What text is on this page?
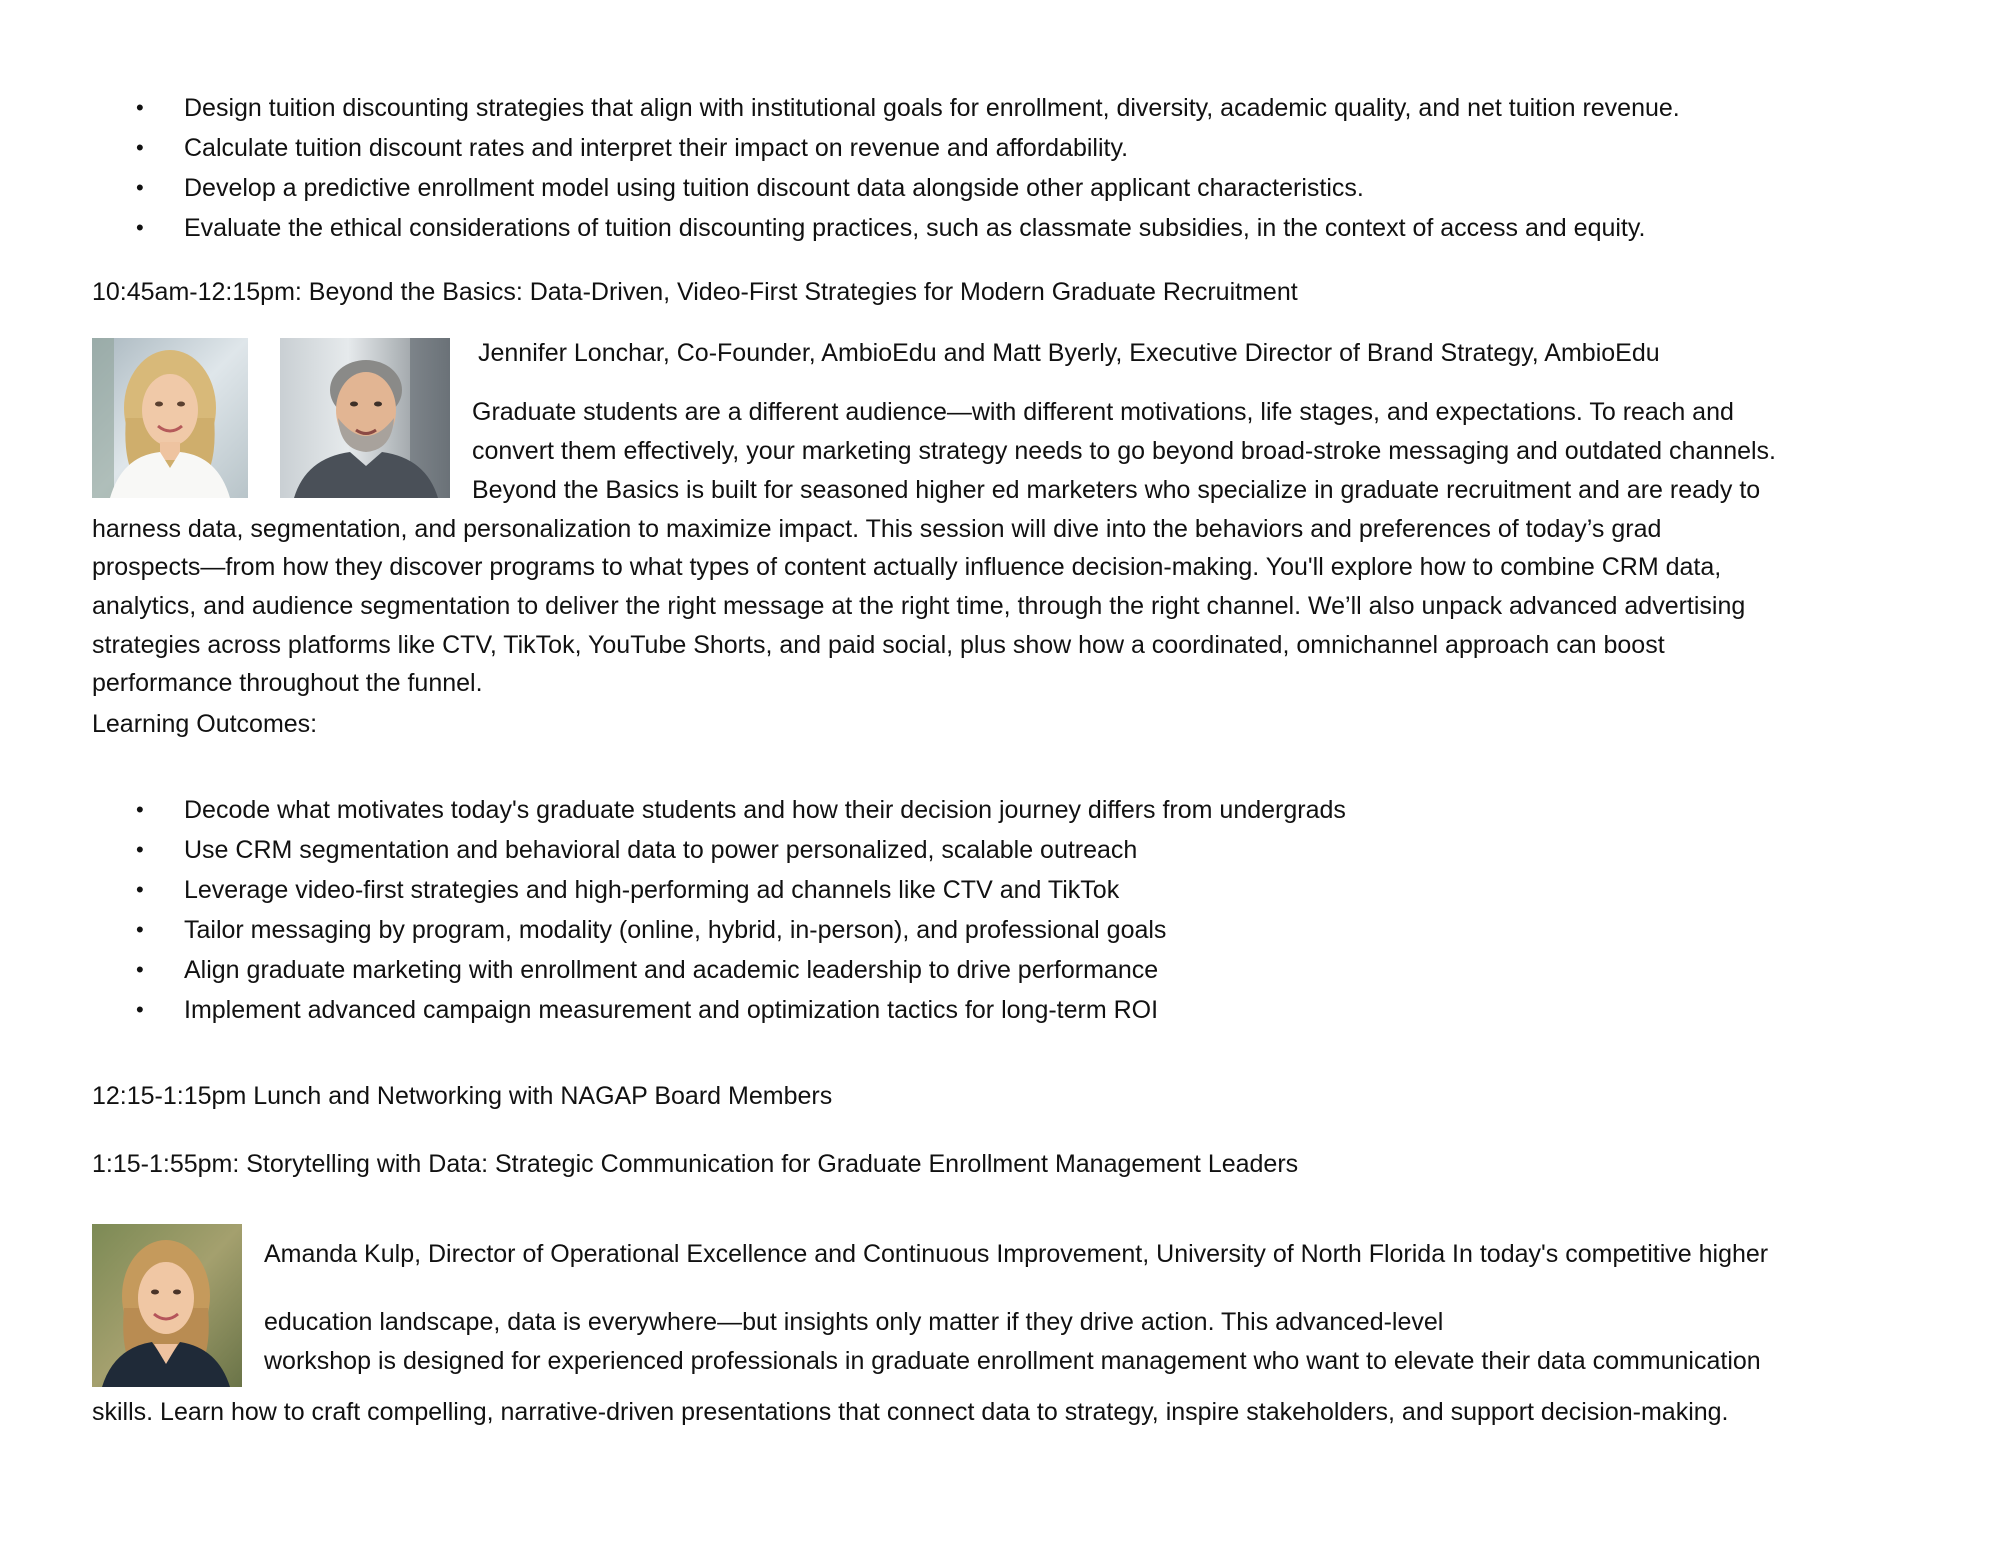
• Design tuition discounting strategies that align with institutional goals for enrollment, diversity, academic quality, and net tuition revenue.
• Calculate tuition discount rates and interpret their impact on revenue and affordability.
• Develop a predictive enrollment model using tuition discount data alongside other applicant characteristics.
• Evaluate the ethical considerations of tuition discounting practices, such as classmate subsidies, in the context of access and equity.
10:45am-12:15pm: Beyond the Basics: Data-Driven, Video-First Strategies for Modern Graduate Recruitment
Jennifer Lonchar, Co-Founder, AmbioEdu and Matt Byerly, Executive Director of Brand Strategy, AmbioEdu
Graduate students are a different audience—with different motivations, life stages, and expectations. To reach and
convert them effectively, your marketing strategy needs to go beyond broad-stroke messaging and outdated channels.
Beyond the Basics is built for seasoned higher ed marketers who specialize in graduate recruitment and are ready to
harness data, segmentation, and personalization to maximize impact. This session will dive into the behaviors and preferences of today’s grad
prospects—from how they discover programs to what types of content actually influence decision-making. You'll explore how to combine CRM data,
analytics, and audience segmentation to deliver the right message at the right time, through the right channel. We’ll also unpack advanced advertising
strategies across platforms like CTV, TikTok, YouTube Shorts, and paid social, plus show how a coordinated, omnichannel approach can boost
performance throughout the funnel.
Learning Outcomes:
• Decode what motivates today's graduate students and how their decision journey differs from undergrads
• Use CRM segmentation and behavioral data to power personalized, scalable outreach
• Leverage video-first strategies and high-performing ad channels like CTV and TikTok
• Tailor messaging by program, modality (online, hybrid, in-person), and professional goals
• Align graduate marketing with enrollment and academic leadership to drive performance
• Implement advanced campaign measurement and optimization tactics for long-term ROI
12:15-1:15pm Lunch and Networking with NAGAP Board Members
1:15-1:55pm: Storytelling with Data: Strategic Communication for Graduate Enrollment Management Leaders
Amanda Kulp, Director of Operational Excellence and Continuous Improvement, University of North Florida In today's competitive higher
education landscape, data is everywhere—but insights only matter if they drive action. This advanced-level
workshop is designed for experienced professionals in graduate enrollment management who want to elevate their data communication
skills. Learn how to craft compelling, narrative-driven presentations that connect data to strategy, inspire stakeholders, and support decision-making.
